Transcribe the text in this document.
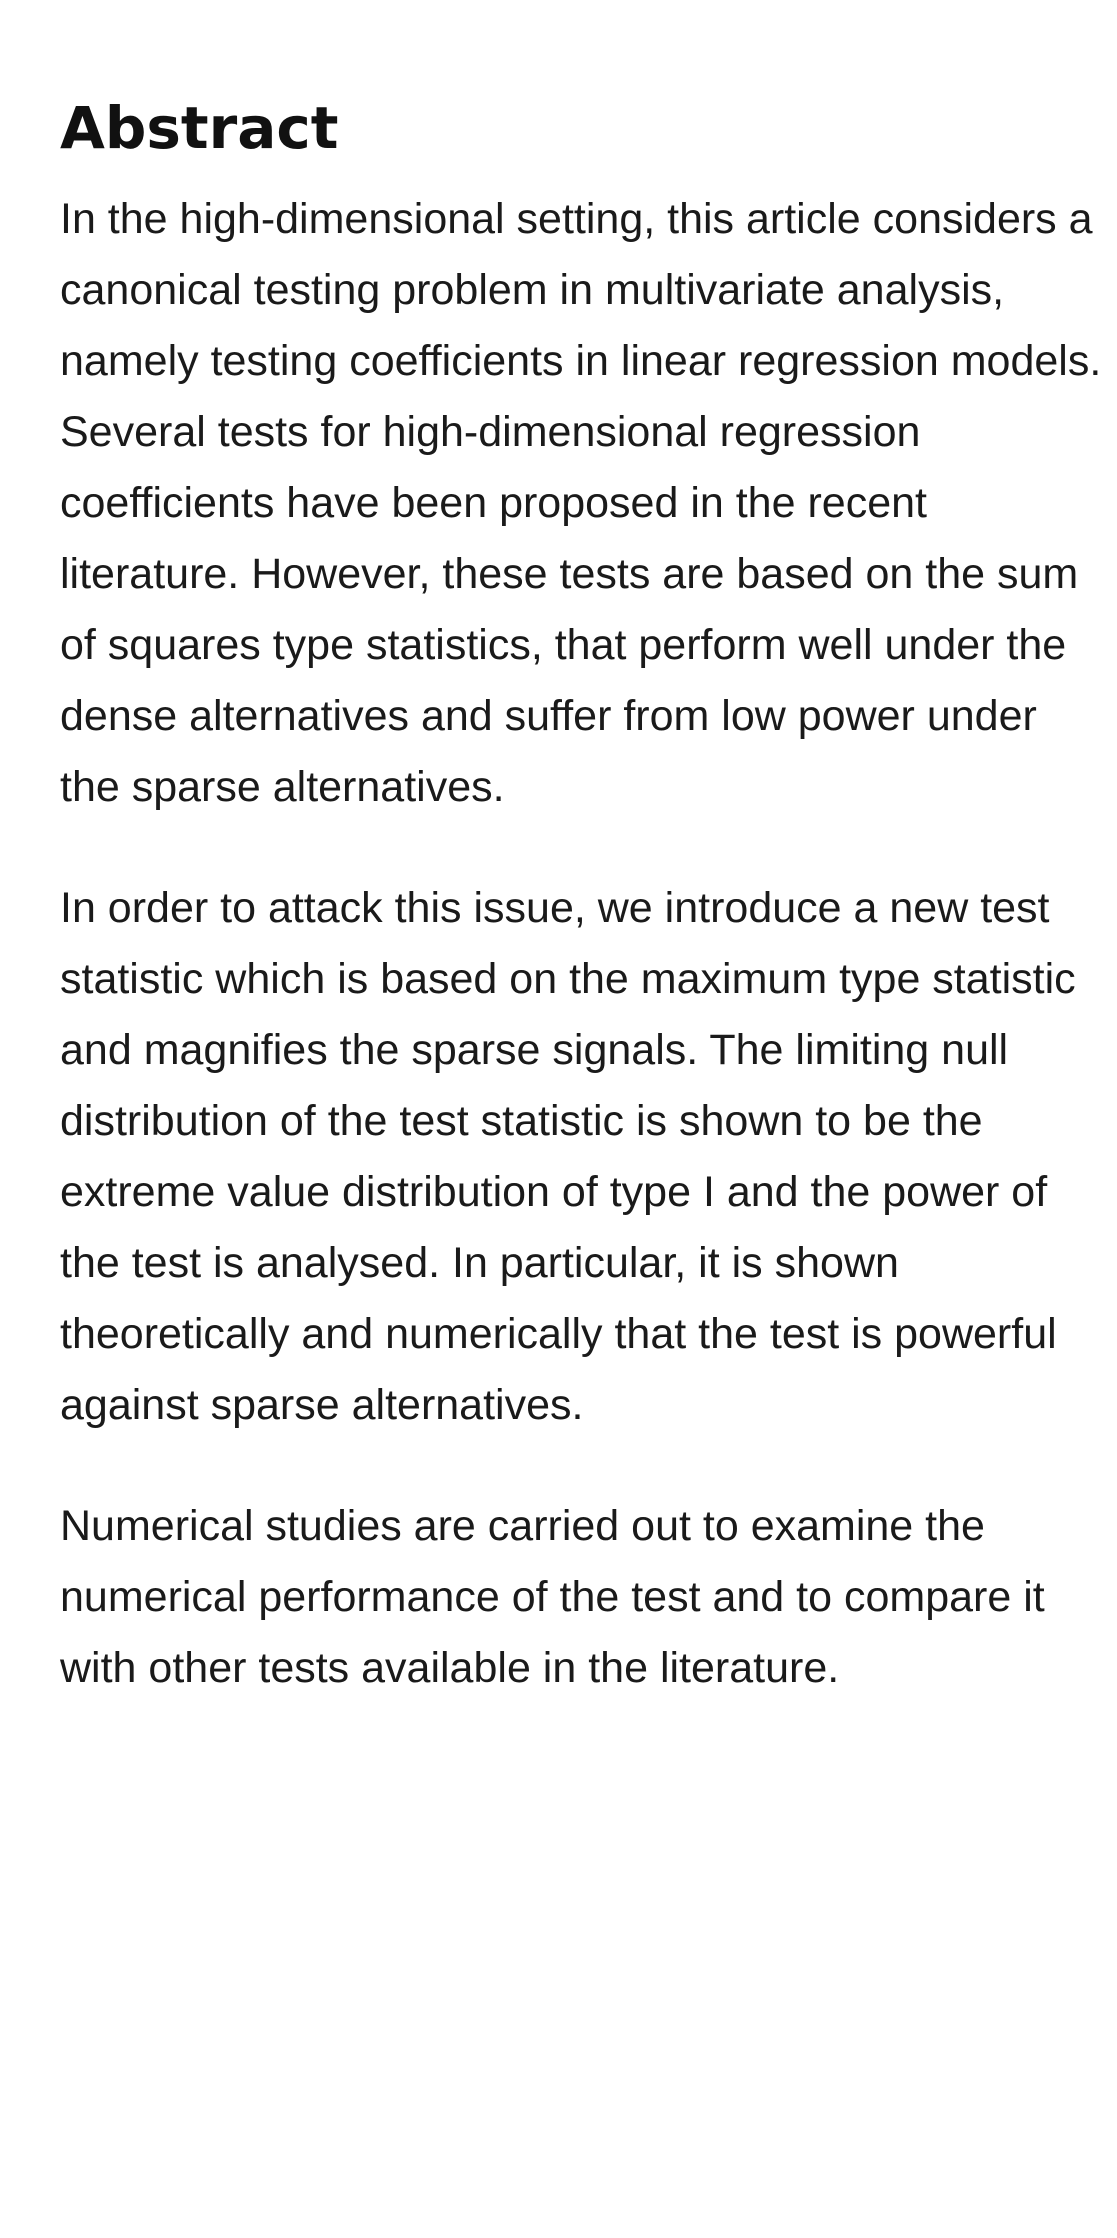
Abstract

In the high-dimensional setting, this article considers a canonical testing problem in multivariate analysis, namely testing coefficients in linear regression models. Several tests for high-dimensional regression coefficients have been proposed in the recent literature. However, these tests are based on the sum of squares type statistics, that perform well under the dense alternatives and suffer from low power under the sparse alternatives.

In order to attack this issue, we introduce a new test statistic which is based on the maximum type statistic and magnifies the sparse signals. The limiting null distribution of the test statistic is shown to be the extreme value distribution of type I and the power of the test is analysed. In particular, it is shown theoretically and numerically that the test is powerful against sparse alternatives.

Numerical studies are carried out to examine the numerical performance of the test and to compare it with other tests available in the literature.
